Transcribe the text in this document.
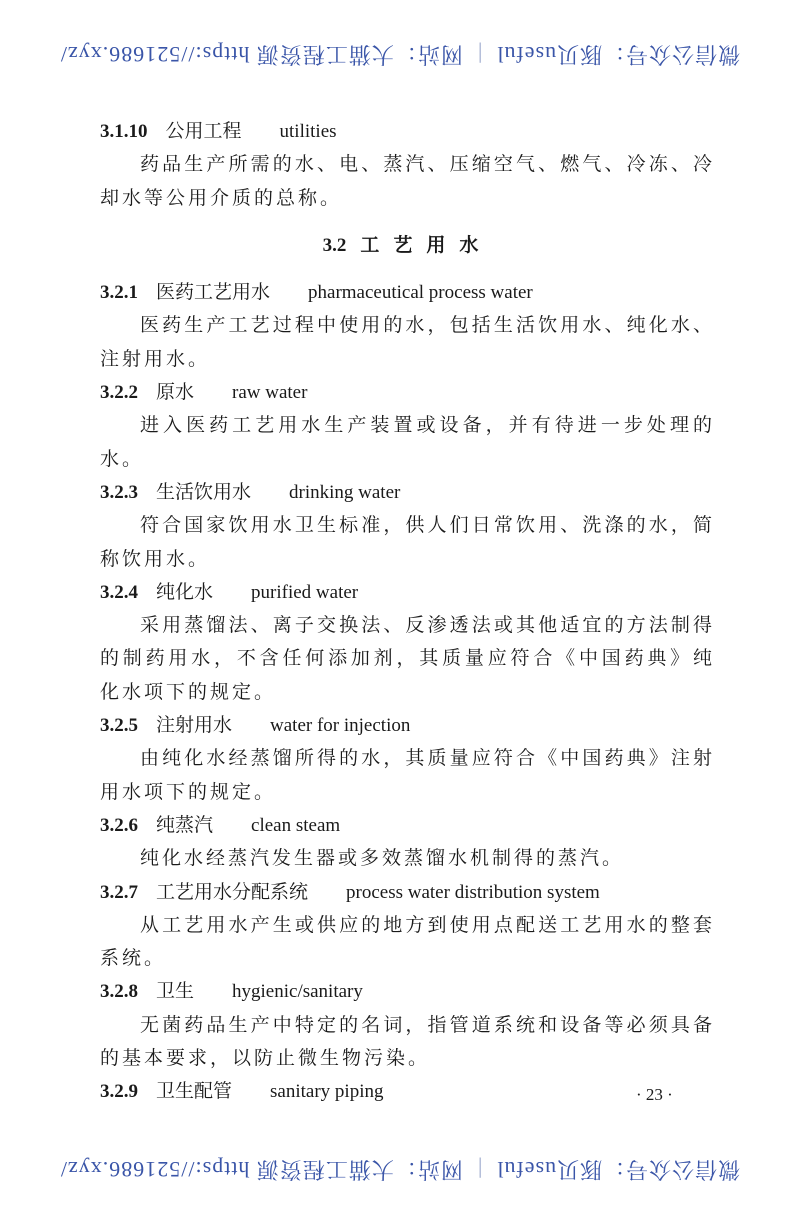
微信公众号：豚贝useful|网站：大猫工程资源 https://521686.xyz/
3.1.10 公用工程 utilities
药品生产所需的水、电、蒸汽、压缩空气、燃气、冷冻、冷却水等公用介质的总称。
3.2 工艺用水
3.2.1 医药工艺用水 pharmaceutical process water
医药生产工艺过程中使用的水，包括生活饮用水、纯化水、注射用水。
3.2.2 原水 raw water
进入医药工艺用水生产装置或设备，并有待进一步处理的水。
3.2.3 生活饮用水 drinking water
符合国家饮用水卫生标准，供人们日常饮用、洗涤的水，简称饮用水。
3.2.4 纯化水 purified water
采用蒸馏法、离子交换法、反渗透法或其他适宜的方法制得的制药用水，不含任何添加剂，其质量应符合《中国药典》纯化水项下的规定。
3.2.5 注射用水 water for injection
由纯化水经蒸馏所得的水，其质量应符合《中国药典》注射用水项下的规定。
3.2.6 纯蒸汽 clean steam
纯化水经蒸汽发生器或多效蒸馏水机制得的蒸汽。
3.2.7 工艺用水分配系统 process water distribution system
从工艺用水产生或供应的地方到使用点配送工艺用水的整套系统。
3.2.8 卫生 hygienic/sanitary
无菌药品生产中特定的名词，指管道系统和设备等必须具备的基本要求，以防止微生物污染。
3.2.9 卫生配管 sanitary piping	· 23 ·
微信公众号：豚贝useful|网站：大猫工程资源 https://521686.xyz/
